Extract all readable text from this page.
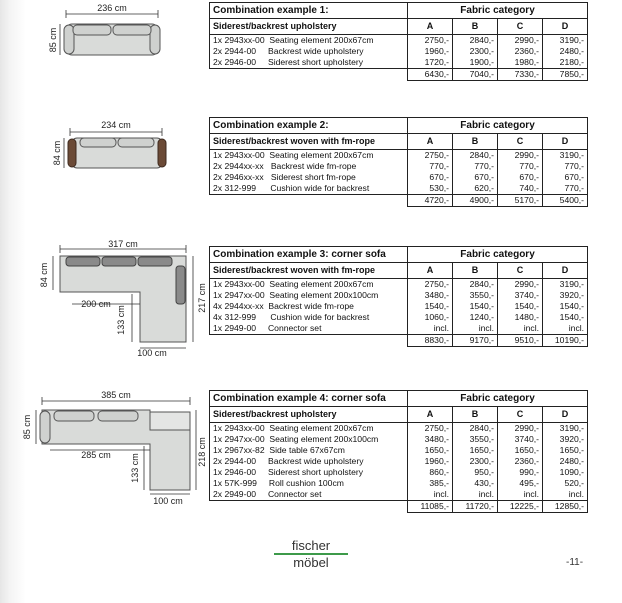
236 cm
85 cm
234 cm
84 cm
317 cm
84 cm
200 cm
133 cm
217 cm
100 cm
385 cm
85 cm
285 cm 133 cm
218 cm
100 cm
Combination example 1:	Fabric category			
Siderest/backrest upholstery	A	B	C	D
1x 2943xx-00 Seating element 200x67cm	2750,-	2840,-	2990,-	3190,-
2x 2944-00 Backrest wide upholstery	1960,-	2300,-	2360,-	2480,-
2x 2946-00 Siderest short upholstery	1720,-	1900,-	1980,-	2180,-
	6430,-	7040,-	7330,-	7850,-
Combination example 2:	Fabric category			
Siderest/backrest woven with fm-rope	A	B	C	D
1x 2943xx-00 Seating element 200x67cm	2750,-	2840,-	2990,-	3190,-
2x 2944xx-xx Backrest wide fm-rope	770,-	770,-	770,-	770,-
2x 2946xx-xx Siderest short fm-rope	670,-	670,-	670,-	670,-
2x 312-999 Cushion wide for backrest	530,-	620,-	740,-	770,-
	4720,-	4900,-	5170,-	5400,-
Combination example 3: corner sofa	Fabric category			
Siderest/backrest woven with fm-rope	A	B	C	D
1x 2943xx-00 Seating element 200x67cm	2750,-	2840,-	2990,-	3190,-
1x 2947xx-00 Seating element 200x100cm	3480,-	3550,-	3740,-	3920,-
4x 2944xx-xx Backrest wide fm-rope	1540,-	1540,-	1540,-	1540,-
4x 312-999 Cushion wide for backrest	1060,-	1240,-	1480,-	1540,-
1x 2949-00 Connector set	incl.	incl.	incl.	incl.
	8830,-	9170,-	9510,-	10190,-
Combination example 4: corner sofa	Fabric category			
Siderest/backrest upholstery	A	B	C	D
1x 2943xx-00 Seating element 200x67cm	2750,-	2840,-	2990,-	3190,-
1x 2947xx-00 Seating element 200x100cm	3480,-	3550,-	3740,-	3920,-
1x 2967xx-82 Side table 67x67cm	1650,-	1650,-	1650,-	1650,-
2x 2944-00 Backrest wide upholstery	1960,-	2300,-	2360,-	2480,-
1x 2946-00 Siderest short upholstery	860,-	950,-	990,-	1090,-
1x 57K-999 Roll cushion 100cm	385,-	430,-	495,-	520,-
2x 2949-00 Connector set	incl.	incl.	incl.	incl.
	11085,-	11720,-	12225,-	12850,-
fischer
möbel	-11-
